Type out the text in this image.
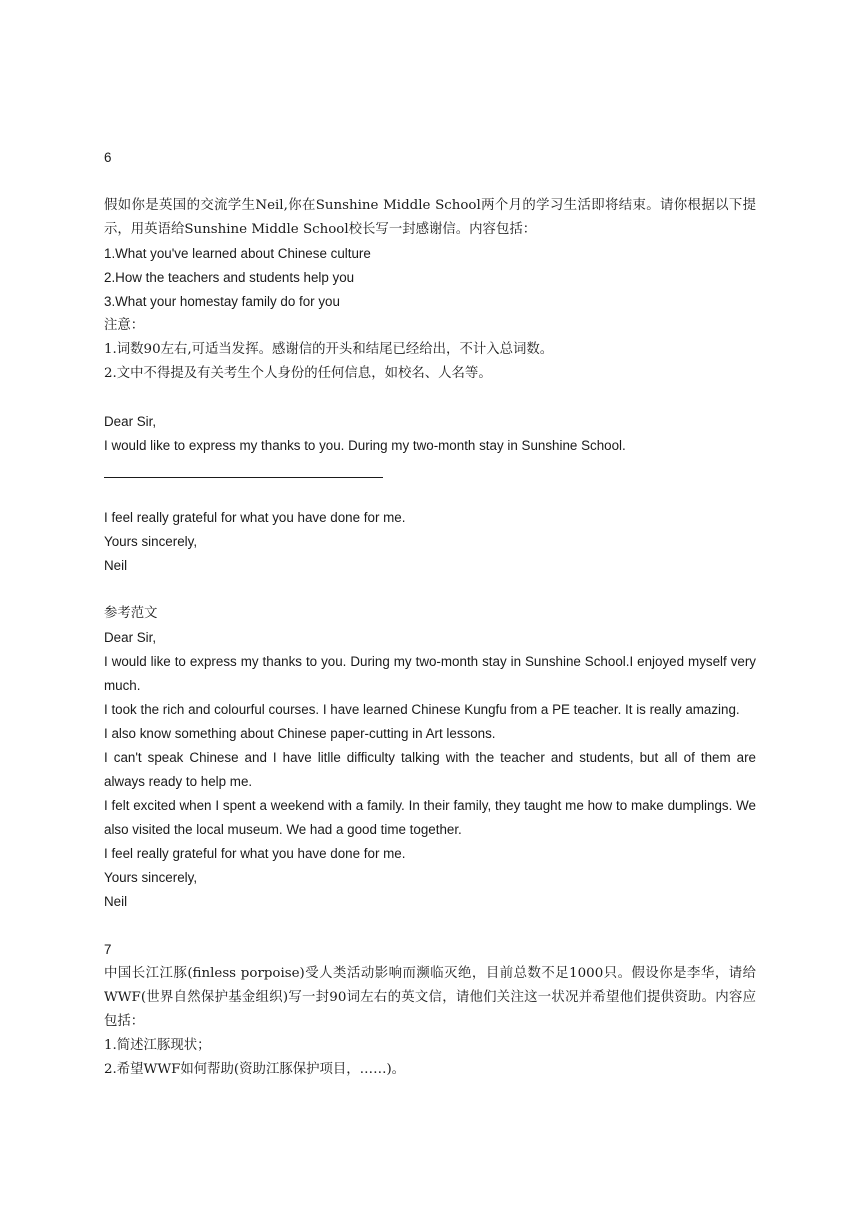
6
假如你是英国的交流学生Neil,你在Sunshine Middle School两个月的学习生活即将结束。请你根据以下提示，用英语给Sunshine Middle School校长写一封感谢信。内容包括：
1.What you've learned about Chinese culture
2.How the teachers and students help you
3.What your homestay family do for you
注意：
1.词数90左右,可适当发挥。感谢信的开头和结尾已经给出，不计入总词数。
2.文中不得提及有关考生个人身份的任何信息，如校名、人名等。
Dear Sir,
I would like to express my thanks to you. During my two-month stay in Sunshine School.
I feel really grateful for what you have done for me.
Yours sincerely,
Neil
参考范文
Dear Sir,
I would like to express my thanks to you. During my two-month stay in Sunshine School.I enjoyed myself very much.
I took the rich and colourful courses. I have learned Chinese Kungfu from a PE teacher. It is really amazing.
I also know something about Chinese paper-cutting in Art lessons.
I can't speak Chinese and I have litlle difficulty talking with the teacher and students, but all of them are always ready to help me.
I felt excited when I spent a weekend with a family. In their family, they taught me how to make dumplings. We also visited the local museum. We had a good time together.
I feel really grateful for what you have done for me.
Yours sincerely,
Neil
7
中国长江江豚(finless porpoise)受人类活动影响而濒临灭绝，目前总数不足1000只。假设你是李华，请给WWF(世界自然保护基金组织)写一封90词左右的英文信，请他们关注这一状况并希望他们提供资助。内容应包括：
1.简述江豚现状；
2.希望WWF如何帮助(资助江豚保护项目，……)。
